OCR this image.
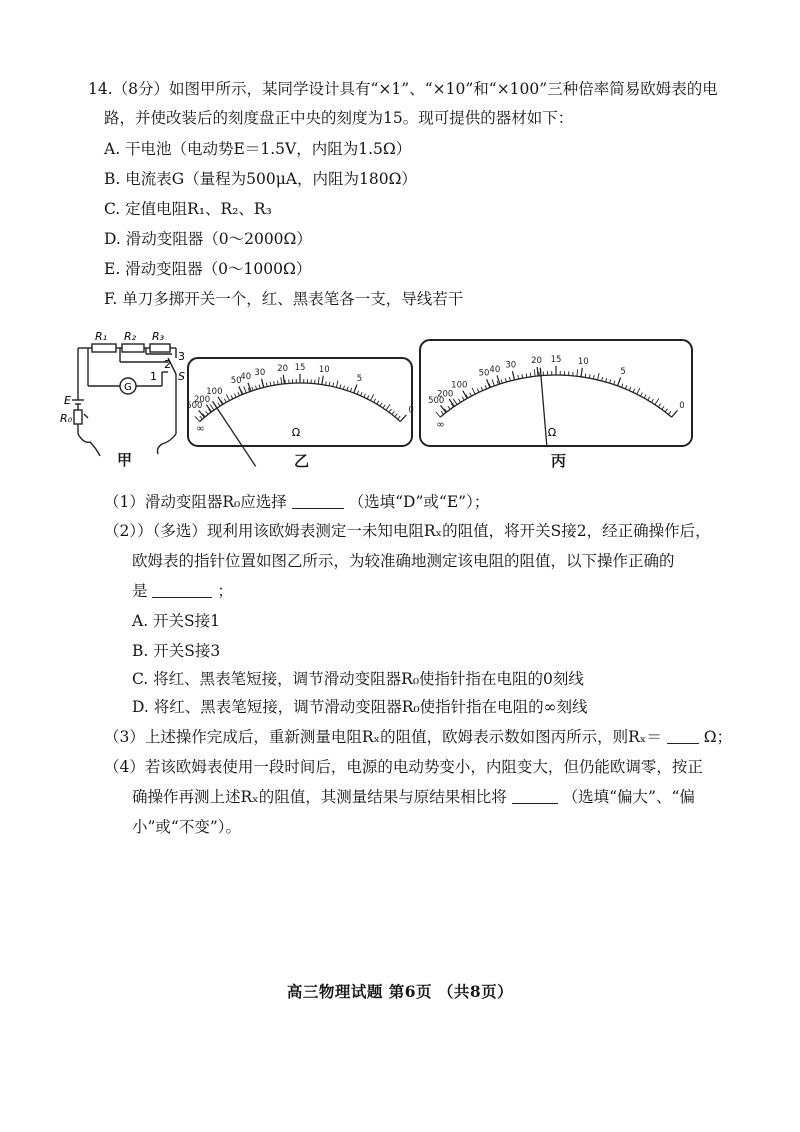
14.（8分）如图甲所示，某同学设计具有“×1”、“×10”和“×100”三种倍率简易欧姆表的电
路，并使改装后的刻度盘正中央的刻度为15。现可提供的器材如下：
A. 干电池（电动势E＝1.5V，内阻为1.5Ω）
B. 电流表G（量程为500μA，内阻为180Ω）
C. 定值电阻R₁、R₂、R₃
D. 滑动变阻器（0～2000Ω）
E. 滑动变阻器（0～1000Ω）
F. 单刀多掷开关一个，红、黑表笔各一支，导线若干
R₁ R₂ R₃
3
2
1 S
G
E
R₀
500
200
100
50
40 30 20 15 10
5
0
∞	Ω
500
200
100
50 40 30 20 15 10
5
0
∞
Ω
甲	乙	丙
（1）滑动变阻器R₀应选择	（选填“D”或“E”）；
（2））（多选）现利用该欧姆表测定一未知电阻Rₓ的阻值，将开关S接2，经正确操作后，
欧姆表的指针位置如图乙所示，为较准确地测定该电阻的阻值，以下操作正确的
是	；
A. 开关S接1
B. 开关S接3
C. 将红、黑表笔短接，调节滑动变阻器R₀使指针指在电阻的0刻线
D. 将红、黑表笔短接，调节滑动变阻器R₀使指针指在电阻的∞刻线
（3）上述操作完成后，重新测量电阻Rₓ的阻值，欧姆表示数如图丙所示，则Rₓ＝	Ω；
（4）若该欧姆表使用一段时间后，电源的电动势变小，内阻变大，但仍能欧调零，按正
确操作再测上述Rₓ的阻值，其测量结果与原结果相比将	（选填“偏大”、“偏
小”或“不变”）。
高三物理试题 第6页 （共8页）
